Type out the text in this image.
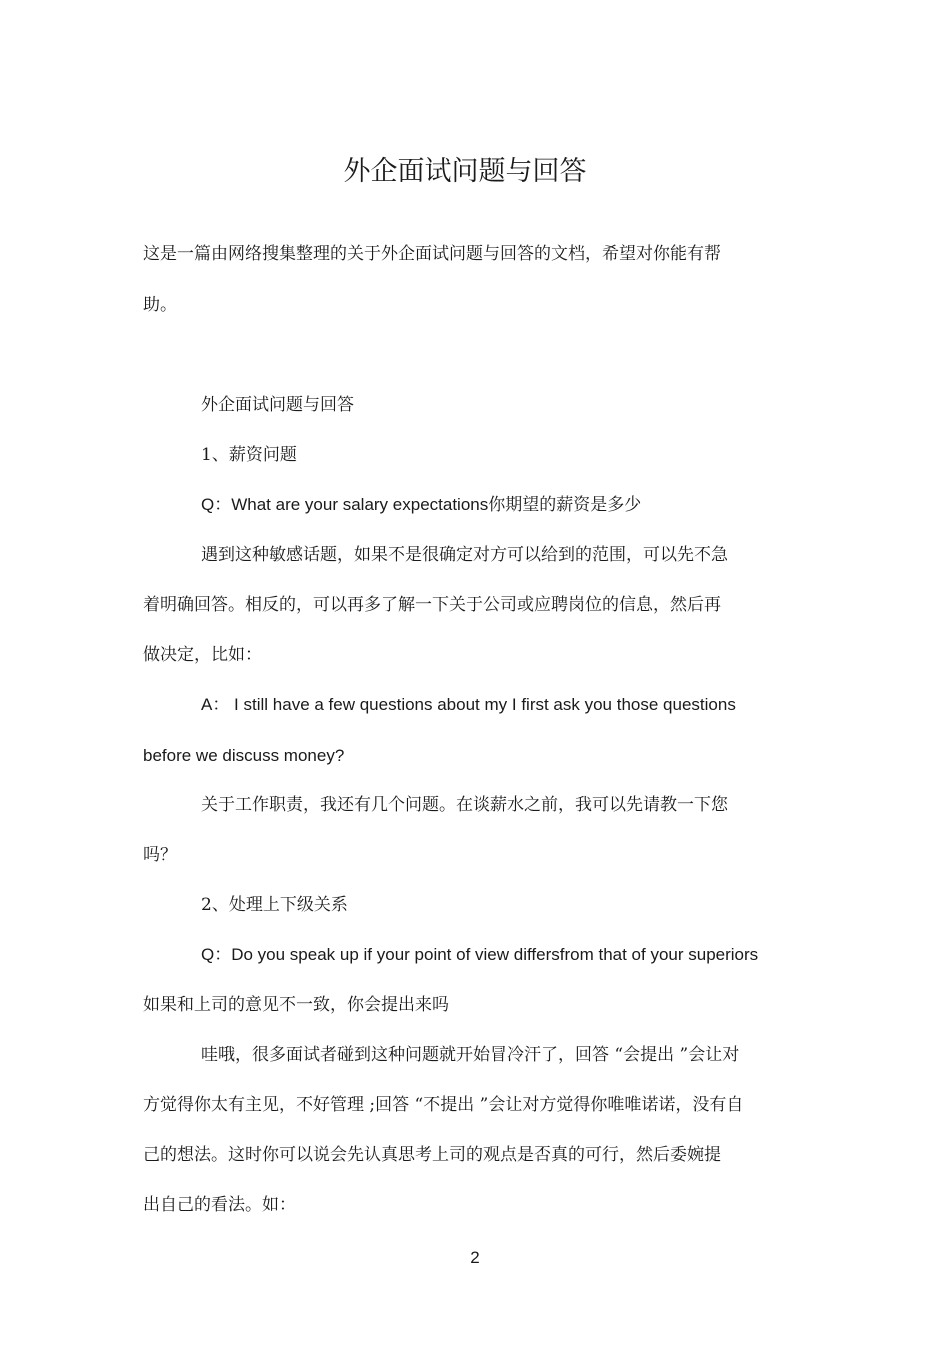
外企面试问题与回答
这是一篇由网络搜集整理的关于外企面试问题与回答的文档，希望对你能有帮
助。
外企面试问题与回答
1、薪资问题
Q：What are your salary expectations你期望的薪资是多少
遇到这种敏感话题，如果不是很确定对方可以给到的范围，可以先不急
着明确回答。相反的，可以再多了解一下关于公司或应聘岗位的信息，然后再
做决定，比如：
A： I still have a few questions about my I first ask you those questions
before we discuss money?
关于工作职责，我还有几个问题。在谈薪水之前，我可以先请教一下您
吗？
2、处理上下级关系
Q：Do you speak up if your point of view differsfrom that of your superiors
如果和上司的意见不一致，你会提出来吗
哇哦，很多面试者碰到这种问题就开始冒冷汗了，回答 “会提出 ”会让对
方觉得你太有主见，不好管理 ;回答 “不提出 ”会让对方觉得你唯唯诺诺，没有自
己的想法。这时你可以说会先认真思考上司的观点是否真的可行，然后委婉提
出自己的看法。如：
2
